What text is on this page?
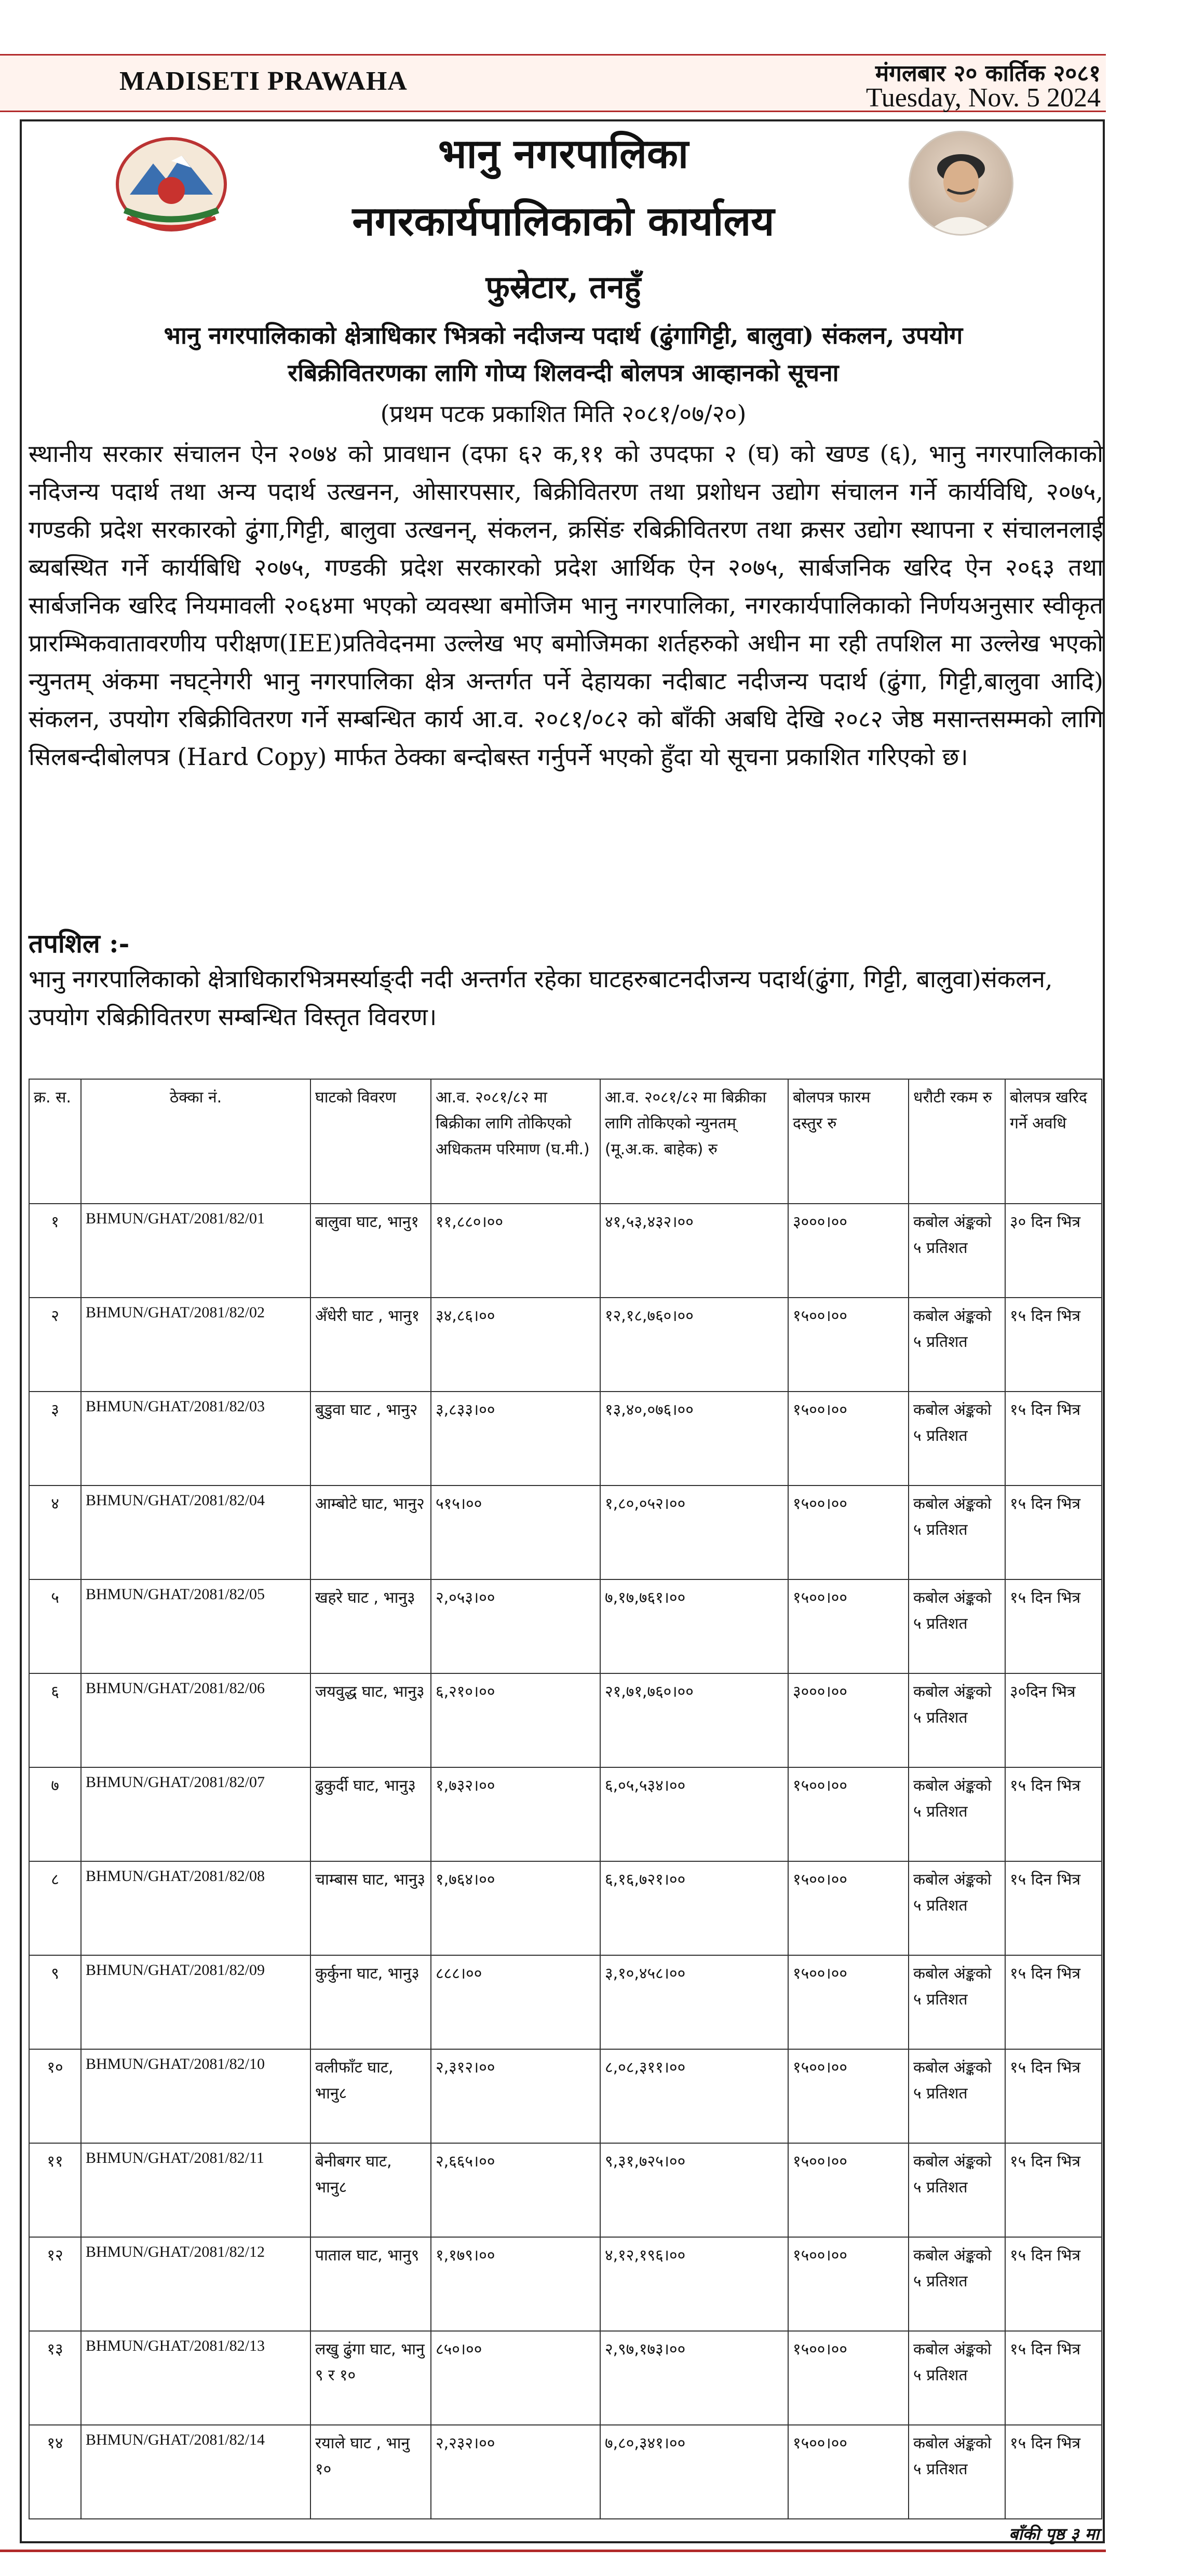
MADISETI PRAWAHA	मंगलबार २० कार्तिक २०८१
Tuesday, Nov. 5 2024
भानु नगरपालिका
नगरकार्यपालिकाको कार्यालय
फुस्रेटार, तनहुँ
भानु नगरपालिकाको क्षेत्राधिकार भित्रको नदीजन्य पदार्थ (ढुंगागिट्टी, बालुवा) संकलन, उपयोग
रबिक्रीवितरणका लागि गोप्य शिलवन्दी बोलपत्र आव्हानको सूचना
(प्रथम पटक प्रकाशित मिति २०८१/०७/२०)
स्थानीय सरकार संचालन ऐन २०७४ को प्रावधान (दफा ६२ क,११ को उपदफा २ (घ) को खण्ड (६), भानु नगरपालिकाको नदिजन्य पदार्थ तथा अन्य पदार्थ उत्खनन, ओसारपसार, बिक्रीवितरण तथा प्रशोधन उद्योग संचालन गर्ने कार्यविधि, २०७५, गण्डकी प्रदेश सरकारको ढुंगा,गिट्टी, बालुवा उत्खनन्, संकलन, क्रसिंङ रबिक्रीवितरण तथा क्रसर उद्योग स्थापना र संचालनलाई ब्यबस्थित गर्ने कार्यबिधि २०७५, गण्डकी प्रदेश सरकारको प्रदेश आर्थिक ऐन २०७५, सार्बजनिक खरिद ऐन २०६३ तथा सार्बजनिक खरिद नियमावली २०६४मा भएको व्यवस्था बमोजिम भानु नगरपालिका, नगरकार्यपालिकाको निर्णयअनुसार स्वीकृत प्रारम्भिकवातावरणीय परीक्षण(IEE)प्रतिवेदनमा उल्लेख भए बमोजिमका शर्तहरुको अधीन मा रही तपशिल मा उल्लेख भएको न्युनतम् अंकमा नघट्नेगरी भानु नगरपालिका क्षेत्र अन्तर्गत पर्ने देहायका नदीबाट नदीजन्य पदार्थ (ढुंगा, गिट्टी,बालुवा आदि) संकलन, उपयोग रबिक्रीवितरण गर्ने सम्बन्धित कार्य आ.व. २०८१/०८२ को बाँकी अबधि देखि २०८२ जेष्ठ मसान्तसम्मको लागि सिलबन्दीबोलपत्र (Hard Copy) मार्फत ठेक्का बन्दोबस्त गर्नुपर्ने भएको हुँदा यो सूचना प्रकाशित गरिएको छ।
तपशिल :-
भानु नगरपालिकाको क्षेत्राधिकारभित्रमर्स्याङ्दी नदी अन्तर्गत रहेका घाटहरुबाटनदीजन्य पदार्थ(ढुंगा, गिट्टी, बालुवा)संकलन, उपयोग रबिक्रीवितरण सम्बन्धित विस्तृत विवरण।
क्र. स.	ठेक्का नं.	घाटको विवरण	आ.व. २०८१/८२ मा बिक्रीका लागि तोकिएको अधिकतम परिमाण (घ.मी.)	आ.व. २०८१/८२ मा बिक्रीका लागि तोकिएको न्युनतम् (मू.अ.क. बाहेक) रु	बोलपत्र फारम दस्तुर रु	धरौटी रकम रु	बोलपत्र खरिद गर्ने अवधि
१	BHMUN/GHAT/2081/82/01	बालुवा घाट, भानु१	११,८८०।००	४१,५३,४३२।००	३०००।००	कबोल अंङ्कको ५ प्रतिशत	३० दिन भित्र
२	BHMUN/GHAT/2081/82/02	अँधेरी घाट , भानु१	३४,८६।००	१२,१८,७६०।००	१५००।००	कबोल अंङ्कको ५ प्रतिशत	१५ दिन भित्र
३	BHMUN/GHAT/2081/82/03	बुडुवा घाट , भानु२	३,८३३।००	१३,४०,०७६।००	१५००।००	कबोल अंङ्कको ५ प्रतिशत	१५ दिन भित्र
४	BHMUN/GHAT/2081/82/04	आम्बोटे घाट, भानु२	५१५।००	१,८०,०५२।००	१५००।००	कबोल अंङ्कको ५ प्रतिशत	१५ दिन भित्र
५	BHMUN/GHAT/2081/82/05	खहरे घाट , भानु३	२,०५३।००	७,१७,७६१।००	१५००।००	कबोल अंङ्कको ५ प्रतिशत	१५ दिन भित्र
६	BHMUN/GHAT/2081/82/06	जयवुद्ध घाट, भानु३	६,२१०।००	२१,७१,७६०।००	३०००।००	कबोल अंङ्कको ५ प्रतिशत	३०दिन भित्र
७	BHMUN/GHAT/2081/82/07	ढुकुर्दी घाट, भानु३	१,७३२।००	६,०५,५३४।००	१५००।००	कबोल अंङ्कको ५ प्रतिशत	१५ दिन भित्र
८	BHMUN/GHAT/2081/82/08	चाम्बास घाट, भानु३	१,७६४।००	६,१६,७२१।००	१५००।००	कबोल अंङ्कको ५ प्रतिशत	१५ दिन भित्र
९	BHMUN/GHAT/2081/82/09	कुर्कुना घाट, भानु३	८८८।००	३,१०,४५८।००	१५००।००	कबोल अंङ्कको ५ प्रतिशत	१५ दिन भित्र
१०	BHMUN/GHAT/2081/82/10	वलीफाँट घाट, भानु८	२,३१२।००	८,०८,३११।००	१५००।००	कबोल अंङ्कको ५ प्रतिशत	१५ दिन भित्र
११	BHMUN/GHAT/2081/82/11	बेनीबगर घाट, भानु८	२,६६५।००	९,३१,७२५।००	१५००।००	कबोल अंङ्कको ५ प्रतिशत	१५ दिन भित्र
१२	BHMUN/GHAT/2081/82/12	पाताल घाट, भानु९	१,१७९।००	४,१२,१९६।००	१५००।००	कबोल अंङ्कको ५ प्रतिशत	१५ दिन भित्र
१३	BHMUN/GHAT/2081/82/13	लखु ढुंगा घाट, भानु ९ र १०	८५०।००	२,९७,१७३।००	१५००।००	कबोल अंङ्कको ५ प्रतिशत	१५ दिन भित्र
१४	BHMUN/GHAT/2081/82/14	रयाले घाट , भानु १०	२,२३२।००	७,८०,३४१।००	१५००।००	कबोल अंङ्कको ५ प्रतिशत	१५ दिन भित्र
बाँकी पृष्ठ ३ मा
